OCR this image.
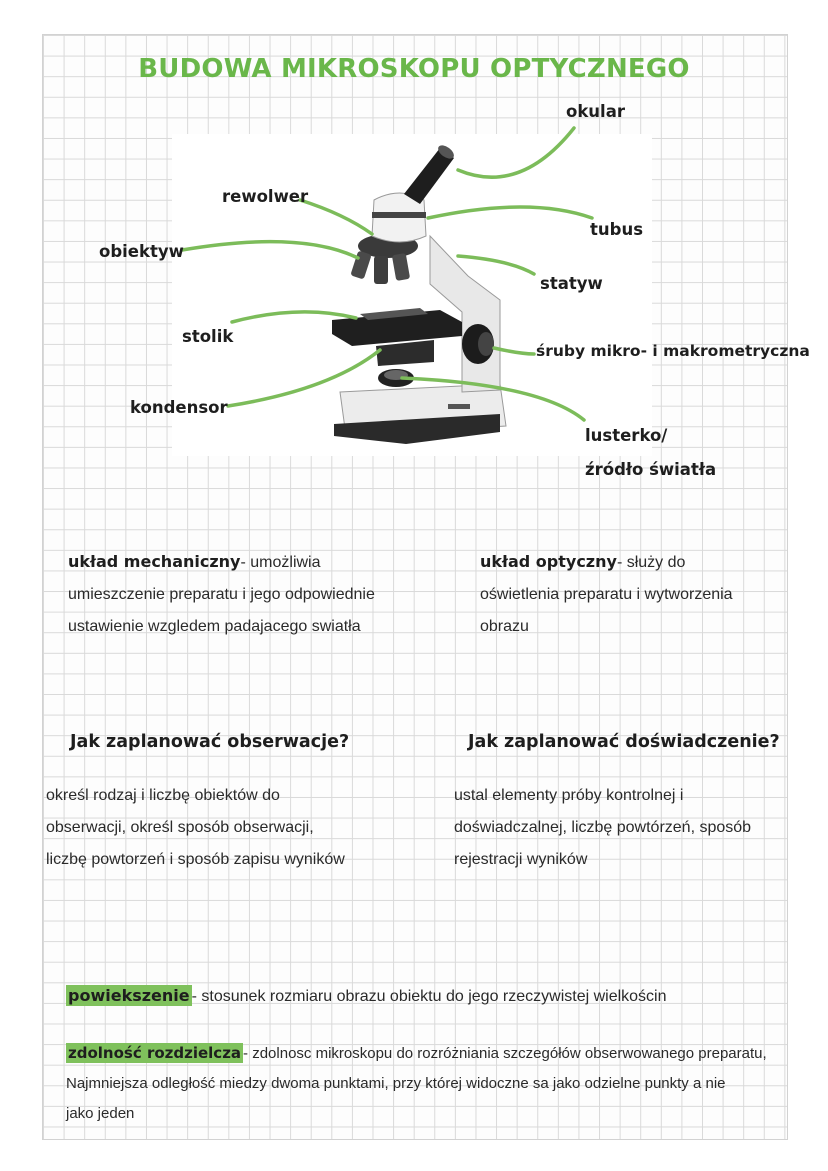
BUDOWA MIKROSKOPU OPTYCZNEGO
okular
rewolwer
tubus
obiektyw
statyw
stolik
śruby mikro- i makrometryczna
kondensor
lusterko/
źródło światła
układ mechaniczny- umożliwia
umieszczenie preparatu i jego odpowiednie
ustawienie wzgledem padajacego swiatła
układ optyczny- służy do
oświetlenia preparatu i wytworzenia
obrazu
Jak zaplanować obserwacje?	Jak zaplanować doświadczenie?
określ rodzaj i liczbę obiektów do
obserwacji, określ sposób obserwacji,
liczbę powtorzeń i sposób zapisu wyników
ustal elementy próby kontrolnej i
doświadczalnej, liczbę powtórzeń, sposób
rejestracji wyników
powiekszenie - stosunek rozmiaru obrazu obiektu do jego rzeczywistej wielkościn
zdolność rozdzielcza - zdolnosc mikroskopu do rozróżniania szczegółów obserwowanego preparatu,
Najmniejsza odległość miedzy dwoma punktami, przy której widoczne sa jako odzielne punkty a nie
jako jeden
